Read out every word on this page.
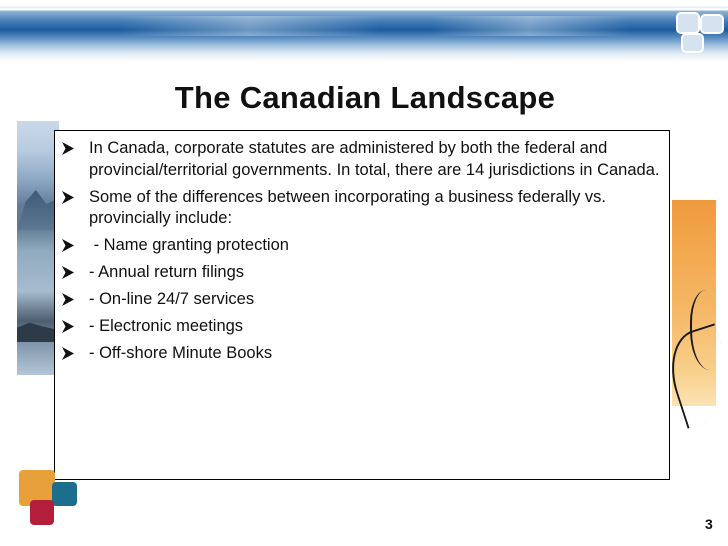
The Canadian Landscape
In Canada, corporate statutes are administered by both the federal and provincial/territorial governments. In total, there are 14 jurisdictions in Canada.
Some of the differences between incorporating a business federally vs. provincially include:
- Name granting protection
- Annual return filings
- On-line 24/7 services
- Electronic meetings
- Off-shore Minute Books
3
